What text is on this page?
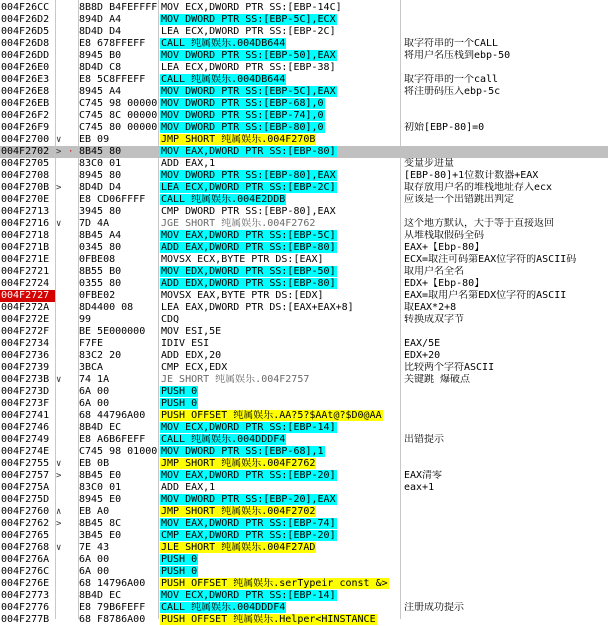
004F26CC	8B8D B4FEFFFF MOV ECX,DWORD PTR SS:[EBP-14C]
004F26D2	894D A4	MOV DWORD PTR SS:[EBP-5C],ECX
004F26D5	8D4D D4	LEA ECX,DWORD PTR SS:[EBP-2C]
004F26D8	E8 678FFEFF	CALL 纯属娱乐.004DB644	取字符串的一个CALL
004F26DD	8945 B0	MOV DWORD PTR SS:[EBP-50],EAX	将用户名压栈到ebp-50
004F26E0	8D4D C8	LEA ECX,DWORD PTR SS:[EBP-38]
004F26E3	E8 5C8FFEFF	CALL 纯属娱乐.004DB644	取字符串的一个call
004F26E8	8945 A4	MOV DWORD PTR SS:[EBP-5C],EAX	将注册码压入ebp-5c
004F26EB	C745 98 00000 MOV DWORD PTR SS:[EBP-68],0
004F26F2	C745 8C 00000 MOV DWORD PTR SS:[EBP-74],0
004F26F9	C745 80 00000 MOV DWORD PTR SS:[EBP-80],0	初始[EBP-80]=0
004F2700 ∨ EB 09	JMP SHORT 纯属娱乐.004F270B
004F2702 > · 8B45 80	MOV EAX,DWORD PTR SS:[EBP-80]
004F2705	83C0 01	ADD EAX,1	变量步进量
004F2708	8945 80	MOV DWORD PTR SS:[EBP-80],EAX	[EBP-80]+1位数计数器+EAX
004F270B > 8D4D D4	LEA ECX,DWORD PTR SS:[EBP-2C]	取存放用户名的堆栈地址存入ecx
004F270E	E8 CD06FFFF	CALL 纯属娱乐.004E2DDB	应该是一个出错跳出判定
004F2713	3945 80	CMP DWORD PTR SS:[EBP-80],EAX
004F2716 ∨ 7D 4A	JGE SHORT 纯属娱乐.004F2762	这个地方默认，大于等于直接返回
004F2718	8B45 A4	MOV EAX,DWORD PTR SS:[EBP-5C]	从堆栈取假码全码
004F271B	0345 80	ADD EAX,DWORD PTR SS:[EBP-80]	EAX+【Ebp-80】
004F271E	0FBE08	MOVSX ECX,BYTE PTR DS:[EAX]	ECX=取注可码第EAX位字符的ASCII码
004F2721	8B55 B0	MOV EDX,DWORD PTR SS:[EBP-50]	取用户名全名
004F2724	0355 80	ADD EDX,DWORD PTR SS:[EBP-80]	EDX+【Ebp-80】
004F2727	0FBE02	MOVSX EAX,BYTE PTR DS:[EDX]	EAX=取用户名第EDX位字符的ASCII
004F272A	8D4400 08	LEA EAX,DWORD PTR DS:[EAX+EAX+8]	取EAX*2+8
004F272E	99	CDQ	转换成双字节
004F272F	BE 5E000000	MOV ESI,5E
004F2734	F7FE	IDIV ESI	EAX/5E
004F2736	83C2 20	ADD EDX,20	EDX+20
004F2739	3BCA	CMP ECX,EDX	比较两个字符ASCII
004F273B ∨ 74 1A	JE SHORT 纯属娱乐.004F2757	关键跳 爆破点
004F273D	6A 00	PUSH 0
004F273F	6A 00	PUSH 0
004F2741	68 44796A00	PUSH OFFSET 纯属娱乐.AA?5?$AAt@?$D0@AA
004F2746	8B4D EC	MOV ECX,DWORD PTR SS:[EBP-14]
004F2749	E8 A6B6FEFF	CALL 纯属娱乐.004DDDF4	出错提示
004F274E	C745 98 01000 MOV DWORD PTR SS:[EBP-68],1
004F2755 ∨ EB 0B	JMP SHORT 纯属娱乐.004F2762
004F2757 > 8B45 E0	MOV EAX,DWORD PTR SS:[EBP-20]	EAX清零
004F275A	83C0 01	ADD EAX,1	eax+1
004F275D	8945 E0	MOV DWORD PTR SS:[EBP-20],EAX
004F2760 ∧ EB A0	JMP SHORT 纯属娱乐.004F2702
004F2762 > 8B45 8C	MOV EAX,DWORD PTR SS:[EBP-74]
004F2765	3B45 E0	CMP EAX,DWORD PTR SS:[EBP-20]
004F2768 ∨ 7E 43	JLE SHORT 纯属娱乐.004F27AD
004F276A	6A 00	PUSH 0
004F276C	6A 00	PUSH 0
004F276E	68 14796A00	PUSH OFFSET 纯属娱乐.serTypeir const &>
004F2773	8B4D EC	MOV ECX,DWORD PTR SS:[EBP-14]
004F2776	E8 79B6FEFF	CALL 纯属娱乐.004DDDF4	注册成功提示
004F277B	68 F8786A00	PUSH OFFSET 纯属娱乐.Helper<HINSTANCE
